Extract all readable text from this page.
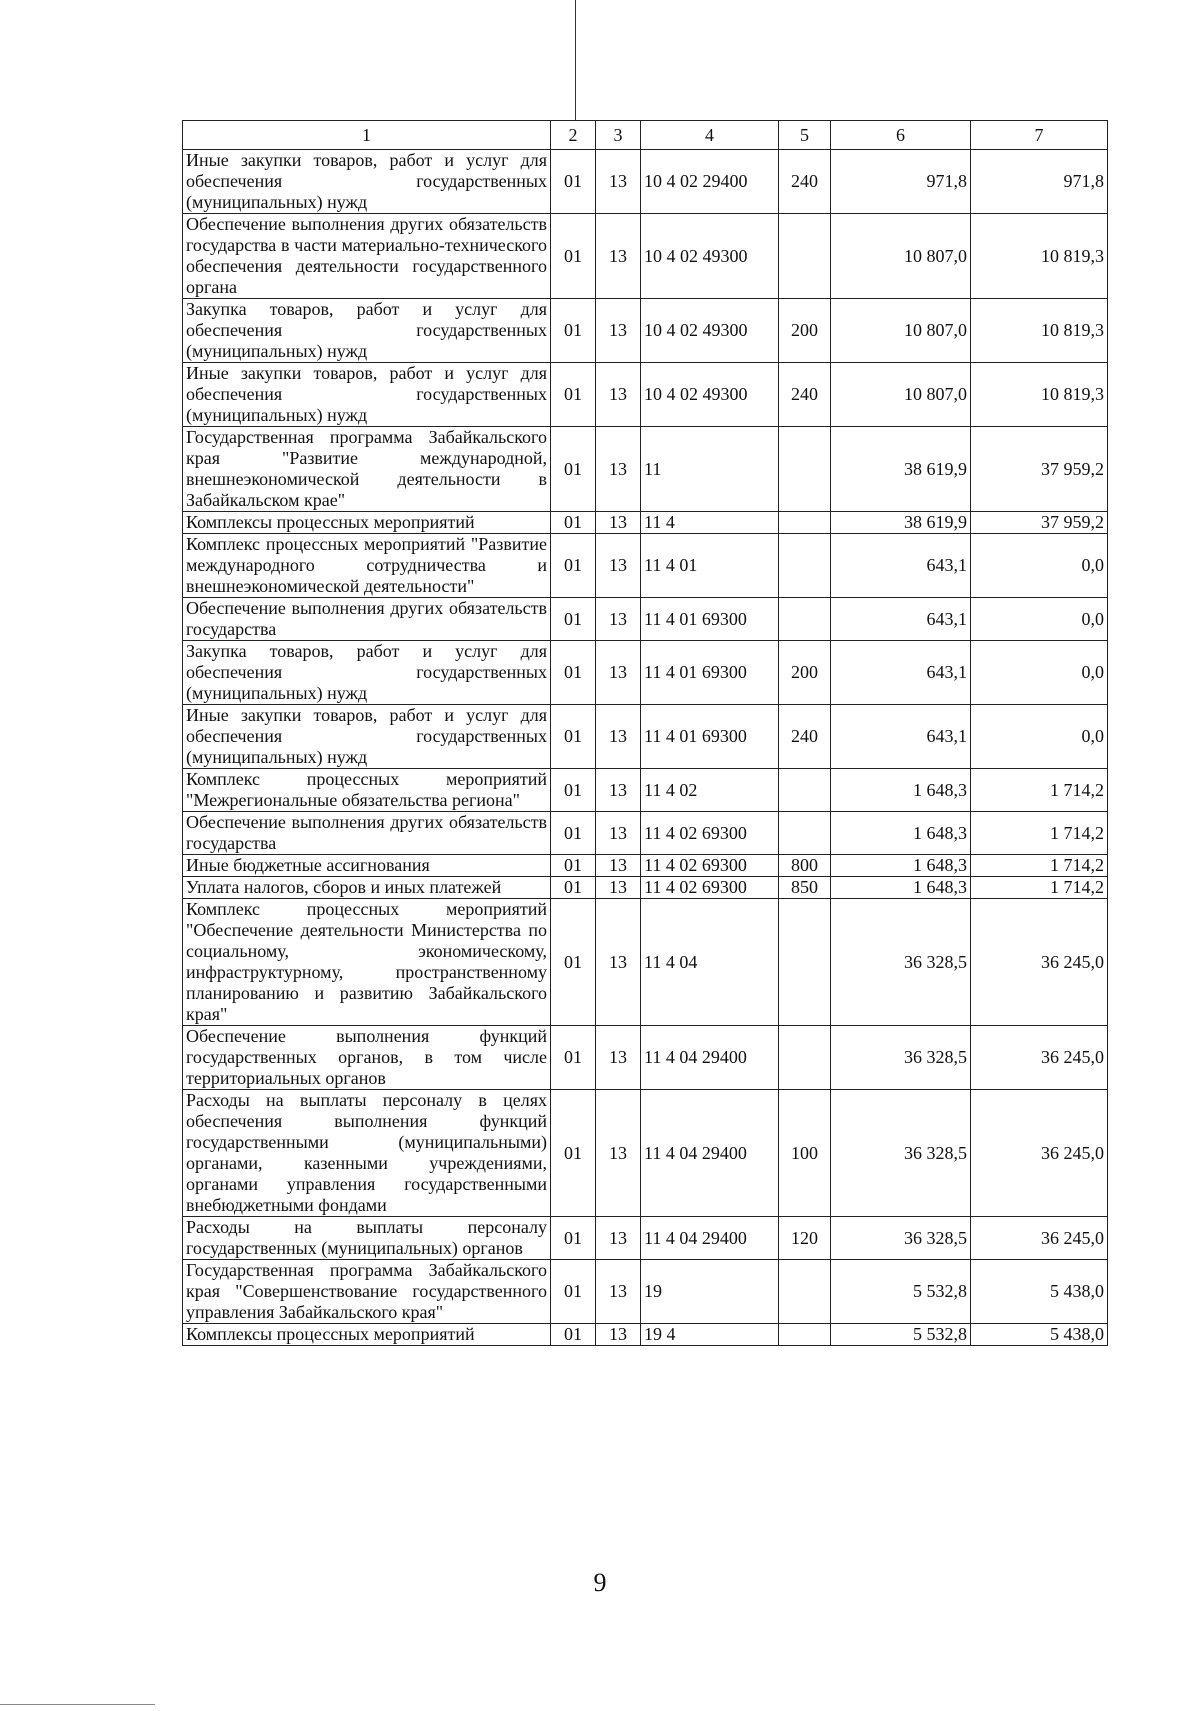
1	2	3	4	5	6	7
Иные закупки товаров, работ и услуг для обеспечения государственных (муниципальных) нужд	01	13	10 4 02 29400	240	971,8	971,8
Обеспечение выполнения других обязательств государства в части материально-технического обеспечения деятельности государственного органа	01	13	10 4 02 49300		10 807,0	10 819,3
Закупка товаров, работ и услуг для обеспечения государственных (муниципальных) нужд	01	13	10 4 02 49300	200	10 807,0	10 819,3
Иные закупки товаров, работ и услуг для обеспечения государственных (муниципальных) нужд	01	13	10 4 02 49300	240	10 807,0	10 819,3
Государственная программа Забайкальского края "Развитие международной, внешнеэкономической деятельности в Забайкальском крае"	01	13	11		38 619,9	37 959,2
Комплексы процессных мероприятий	01	13	11 4		38 619,9	37 959,2
Комплекс процессных мероприятий "Развитие международного сотрудничества и внешнеэкономической деятельности"	01	13	11 4 01		643,1	0,0
Обеспечение выполнения других обязательств государства	01	13	11 4 01 69300		643,1	0,0
Закупка товаров, работ и услуг для обеспечения государственных (муниципальных) нужд	01	13	11 4 01 69300	200	643,1	0,0
Иные закупки товаров, работ и услуг для обеспечения государственных (муниципальных) нужд	01	13	11 4 01 69300	240	643,1	0,0
Комплекс процессных мероприятий "Межрегиональные обязательства региона"	01	13	11 4 02		1 648,3	1 714,2
Обеспечение выполнения других обязательств государства	01	13	11 4 02 69300		1 648,3	1 714,2
Иные бюджетные ассигнования	01	13	11 4 02 69300	800	1 648,3	1 714,2
Уплата налогов, сборов и иных платежей	01	13	11 4 02 69300	850	1 648,3	1 714,2
Комплекс процессных мероприятий "Обеспечение деятельности Министерства по социальному, экономическому, инфраструктурному, пространственному планированию и развитию Забайкальского края"	01	13	11 4 04		36 328,5	36 245,0
Обеспечение выполнения функций государственных органов, в том числе территориальных органов	01	13	11 4 04 29400		36 328,5	36 245,0
Расходы на выплаты персоналу в целях обеспечения выполнения функций государственными (муниципальными) органами, казенными учреждениями, органами управления государственными внебюджетными фондами	01	13	11 4 04 29400	100	36 328,5	36 245,0
Расходы на выплаты персоналу государственных (муниципальных) органов	01	13	11 4 04 29400	120	36 328,5	36 245,0
Государственная программа Забайкальского края "Совершенствование государственного управления Забайкальского края"	01	13	19		5 532,8	5 438,0
Комплексы процессных мероприятий	01	13	19 4		5 532,8	5 438,0
9
